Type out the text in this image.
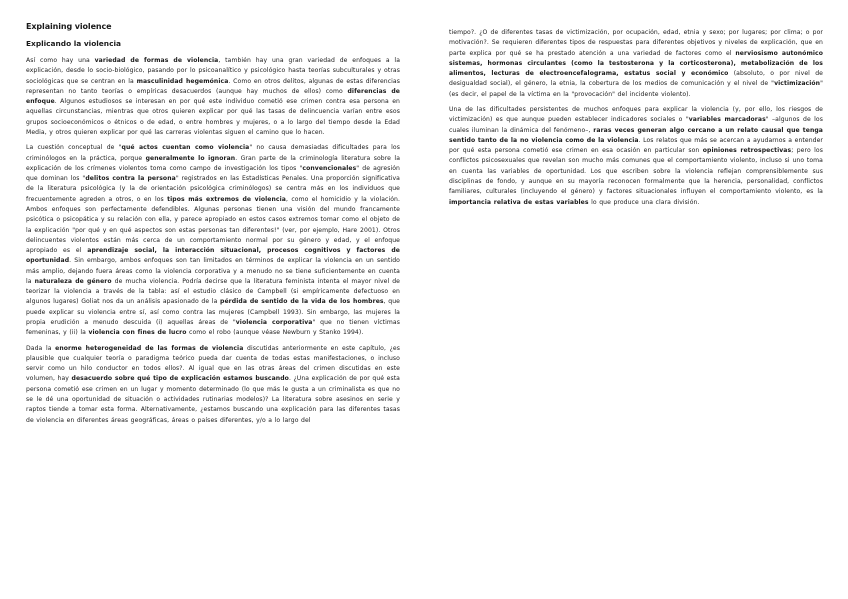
Explaining violence
Explicando la violencia

Así como hay una variedad de formas de violencia, también hay una gran variedad de enfoques a la explicación, desde lo socio-biológico, pasando por lo psicoanalítico y psicológico hasta teorías subculturales y otras sociológicas que se centran en la masculinidad hegemónica. Como en otros delitos, algunas de estas diferencias representan no tanto teorías o empíricas desacuerdos (aunque hay muchos de ellos) como diferencias de enfoque. Algunos estudiosos se interesan en por qué este individuo cometió ese crimen contra esa persona en aquellas circunstancias, mientras que otros quieren explicar por qué las tasas de delincuencia varían entre esos grupos socioeconómicos o étnicos o de edad, o entre hombres y mujeres, o a lo largo del tiempo desde la Edad Media, y otros quieren explicar por qué las carreras violentas siguen el camino que lo hacen.

La cuestión conceptual de "qué actos cuentan como violencia" no causa demasiadas dificultades para los criminólogos en la práctica, porque generalmente lo ignoran. Gran parte de la criminología literatura sobre la explicación de los crímenes violentos toma como campo de investigación los tipos "convencionales" de agresión que dominan los "delitos contra la persona" registrados en las Estadísticas Penales. Una proporción significativa de la literatura psicológica (y la de orientación psicológica criminólogos) se centra más en los individuos que frecuentemente agreden a otros, o en los tipos más extremos de violencia, como el homicidio y la violación. Ambos enfoques son perfectamente defendibles. Algunas personas tienen una visión del mundo francamente psicótica o psicopática y su relación con ella, y parece apropiado en estos casos extremos tomar como el objeto de la explicación "por qué y en qué aspectos son estas personas tan diferentes!" (ver, por ejemplo, Hare 2001). Otros delincuentes violentos están más cerca de un comportamiento normal por su género y edad, y el enfoque apropiado es el aprendizaje social, la interacción situacional, procesos cognitivos y factores de oportunidad. Sin embargo, ambos enfoques son tan limitados en términos de explicar la violencia en un sentido más amplio, dejando fuera áreas como la violencia corporativa y a menudo no se tiene suficientemente en cuenta la naturaleza de género de mucha violencia. Podría decirse que la literatura feminista intenta el mayor nivel de teorizar la violencia a través de la tabla: así el estudio clásico de Campbell (si empíricamente defectuoso en algunos lugares) Goliat nos da un análisis apasionado de la pérdida de sentido de la vida de los hombres, que puede explicar su violencia entre sí, así como contra las mujeres (Campbell 1993). Sin embargo, las mujeres la propia erudición a menudo descuida (i) aquellas áreas de "violencia corporativa" que no tienen víctimas femeninas, y (ii) la violencia con fines de lucro como el robo (aunque véase Newburn y Stanko 1994).

Dada la enorme heterogeneidad de las formas de violencia discutidas anteriormente en este capítulo, ¿es plausible que cualquier teoría o paradigma teórico pueda dar cuenta de todas estas manifestaciones, o incluso servir como un hilo conductor en todos ellos?. Al igual que en las otras áreas del crimen discutidas en este volumen, hay desacuerdo sobre qué tipo de explicación estamos buscando. ¿Una explicación de por qué esta persona cometió ese crimen en un lugar y momento determinado (lo que más le gusta a un criminalista es que no se le dé una oportunidad de situación o actividades rutinarias modelos)? La literatura sobre asesinos en serie y raptos tiende a tomar esta forma. Alternativamente, ¿estamos buscando una explicación para las diferentes tasas de violencia en diferentes áreas geográficas, áreas o países diferentes, y/o a lo largo del

tiempo?. ¿O de diferentes tasas de victimización, por ocupación, edad, etnia y sexo; por lugares; por clima; o por motivación?. Se requieren diferentes tipos de respuestas para diferentes objetivos y niveles de explicación, que en parte explica por qué se ha prestado atención a una variedad de factores como el nerviosismo autonómico sistemas, hormonas circulantes (como la testosterona y la corticosterona), metabolización de los alimentos, lecturas de electroencefalograma, estatus social y económico (absoluto, o por nivel de desigualdad social), el género, la etnia, la cobertura de los medios de comunicación y el nivel de "victimización" (es decir, el papel de la víctima en la "provocación" del incidente violento).

Una de las dificultades persistentes de muchos enfoques para explicar la violencia (y, por ello, los riesgos de victimización) es que aunque pueden establecer indicadores sociales o "variables marcadoras" –algunos de los cuales iluminan la dinámica del fenómeno–, raras veces generan algo cercano a un relato causal que tenga sentido tanto de la no violencia como de la violencia. Los relatos que más se acercan a ayudarnos a entender por qué esta persona cometió ese crimen en esa ocasión en particular son opiniones retrospectivas; pero los conflictos psicosexuales que revelan son mucho más comunes que el comportamiento violento, incluso si uno toma en cuenta las variables de oportunidad. Los que escriben sobre la violencia reflejan comprensiblemente sus disciplinas de fondo, y aunque en su mayoría reconocen formalmente que la herencia, personalidad, conflictos familiares, culturales (incluyendo el género) y factores situacionales influyen el comportamiento violento, es la importancia relativa de estas variables lo que produce una clara división.
